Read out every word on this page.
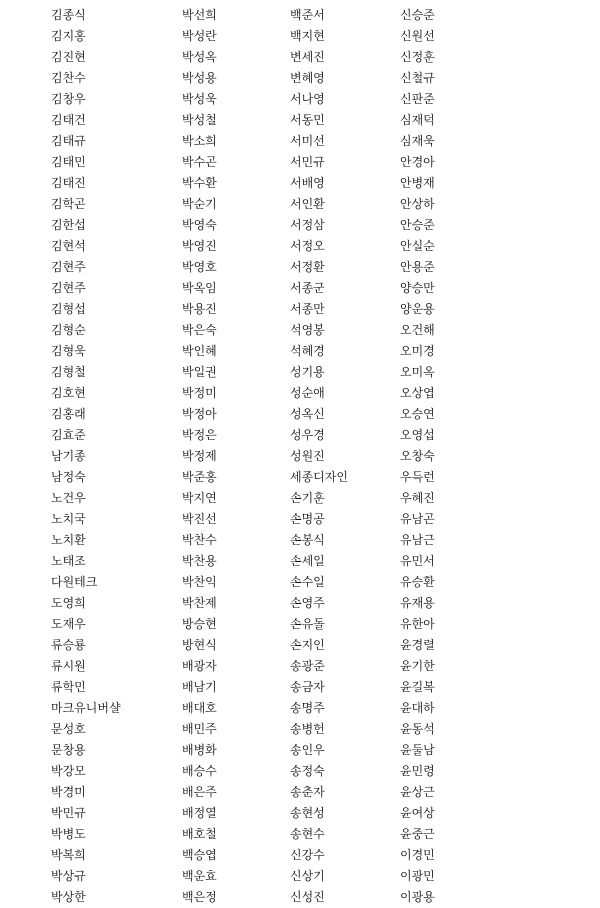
김종식	박선희	백준서	신승준
김지홍	박성란	백지현	신원선
김진현	박성옥	변세진	신정훈
김찬수	박성용	변혜영	신철규
김창우	박성욱	서나영	신판준
김태건	박성철	서동민	심재덕
김태규	박소희	서미선	심재욱
김태민	박수곤	서민규	안경아
김태진	박수환	서배영	안병재
김학곤	박순기	서인환	안상하
김한섭	박영숙	서정삼	안승준
김현석	박영진	서정오	안실순
김현주	박영호	서정환	안용준
김현주	박옥임	서종군	양승만
김형섭	박용진	서종만	양운용
김형순	박은숙	석영봉	오건해
김형욱	박인혜	석혜경	오미경
김형철	박일권	성기용	오미옥
김호현	박정미	성순애	오상엽
김홍래	박정아	성옥신	오승연
김효준	박정은	성우경	오영섭
남기종	박정제	성원진	오창숙
남정숙	박준홍	세종디자인	우득런
노건우	박지연	손기훈	우혜진
노치국	박진선	손명공	유남곤
노치환	박찬수	손봉식	유남근
노태조	박찬용	손세일	유민서
다원테크	박찬익	손수일	유승환
도영희	박찬제	손영주	유재용
도재우	방승현	손유돌	유한아
류승룡	방현식	손지인	윤경렬
류시원	배광자	송광준	윤기한
류학민	배남기	송금자	윤길복
마크유니버샬	배대호	송명주	윤대하
문성호	배민주	송병헌	윤동석
문창용	배병화	송인우	윤둘남
박강모	배승수	송정숙	윤민령
박경미	배은주	송춘자	윤상근
박민규	배정열	송현성	윤여상
박병도	배호철	송현수	윤중근
박복희	백승엽	신강수	이경민
박상규	백운효	신상기	이광민
박상한	백은정	신성진	이광용
